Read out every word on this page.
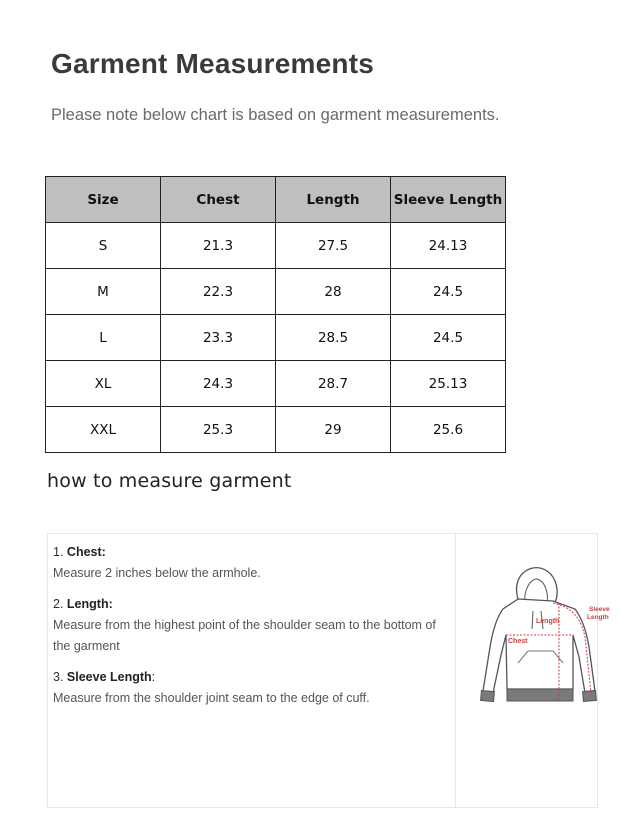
Garment Measurements
Please note below chart is based on garment measurements.
Size	Chest	Length	Sleeve Length
S	21.3	27.5	24.13
M	22.3	28	24.5
L	23.3	28.5	24.5
XL	24.3	28.7	25.13
XXL	25.3	29	25.6
how to measure garment
1. Chest:
Measure 2 inches below the armhole.
2. Length:
Measure from the highest point of the shoulder seam to the bottom of the garment
3. Sleeve Length:
Measure from the shoulder joint seam to the edge of cuff.
Length
Chest
Sleeve
Length
